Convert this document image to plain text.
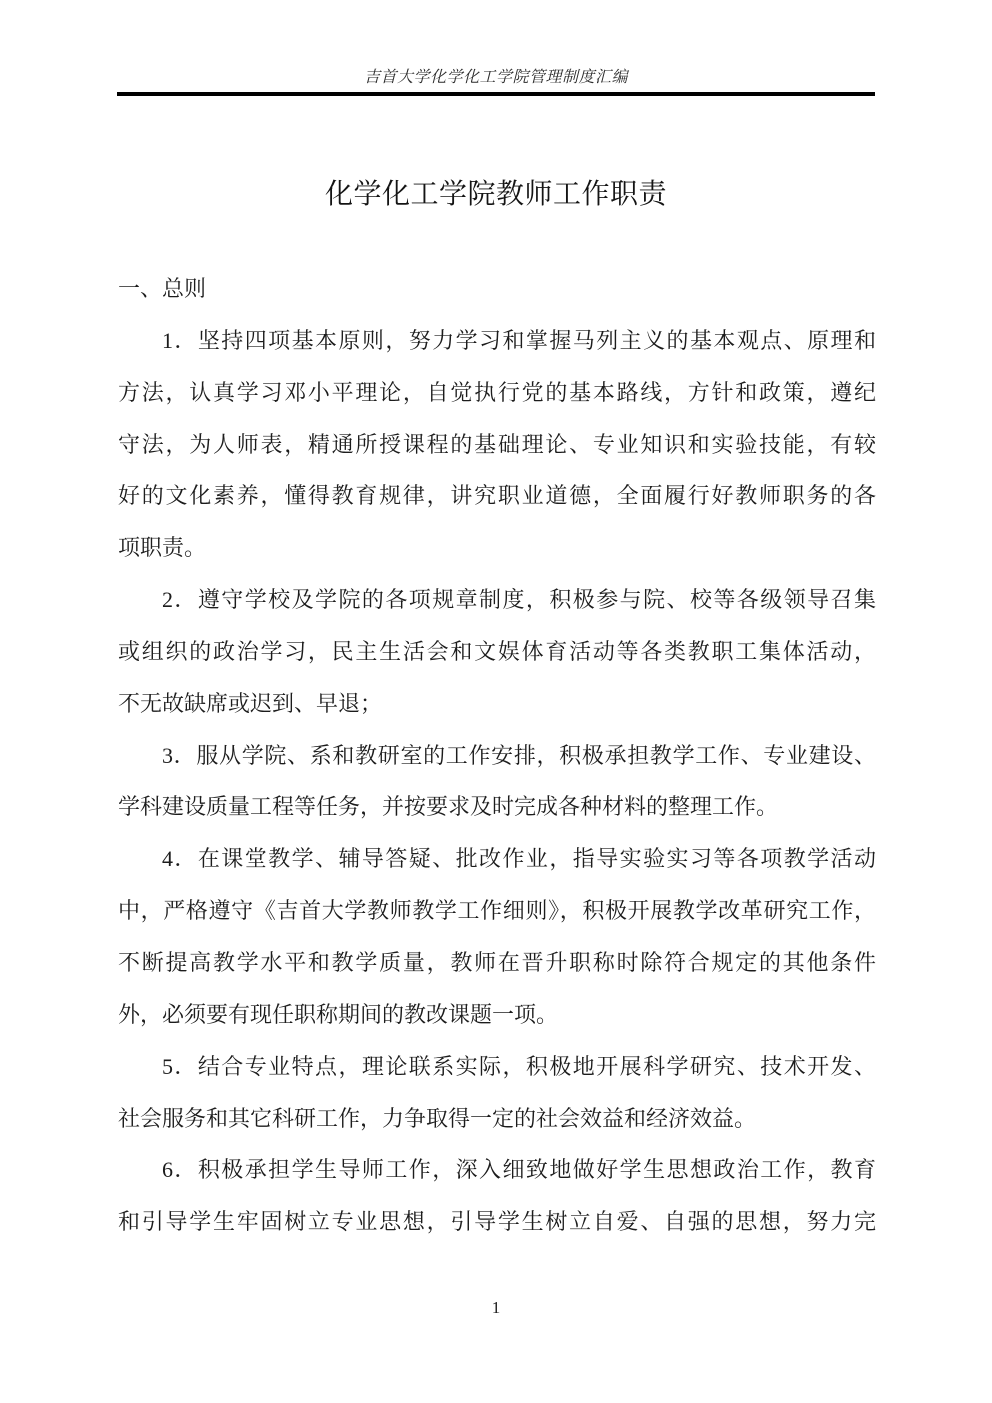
吉首大学化学化工学院管理制度汇编
化学化工学院教师工作职责
一、总则
1．坚持四项基本原则，努力学习和掌握马列主义的基本观点、原理和
方法，认真学习邓小平理论，自觉执行党的基本路线，方针和政策，遵纪
守法，为人师表，精通所授课程的基础理论、专业知识和实验技能，有较
好的文化素养，懂得教育规律，讲究职业道德，全面履行好教师职务的各
项职责。
2．遵守学校及学院的各项规章制度，积极参与院、校等各级领导召集
或组织的政治学习，民主生活会和文娱体育活动等各类教职工集体活动，
不无故缺席或迟到、早退；
3．服从学院、系和教研室的工作安排，积极承担教学工作、专业建设、
学科建设质量工程等任务，并按要求及时完成各种材料的整理工作。
4．在课堂教学、辅导答疑、批改作业，指导实验实习等各项教学活动
中，严格遵守《吉首大学教师教学工作细则》，积极开展教学改革研究工作，
不断提高教学水平和教学质量，教师在晋升职称时除符合规定的其他条件
外，必须要有现任职称期间的教改课题一项。
5．结合专业特点，理论联系实际，积极地开展科学研究、技术开发、
社会服务和其它科研工作，力争取得一定的社会效益和经济效益。
6．积极承担学生导师工作，深入细致地做好学生思想政治工作，教育
和引导学生牢固树立专业思想，引导学生树立自爱、自强的思想，努力完
1
